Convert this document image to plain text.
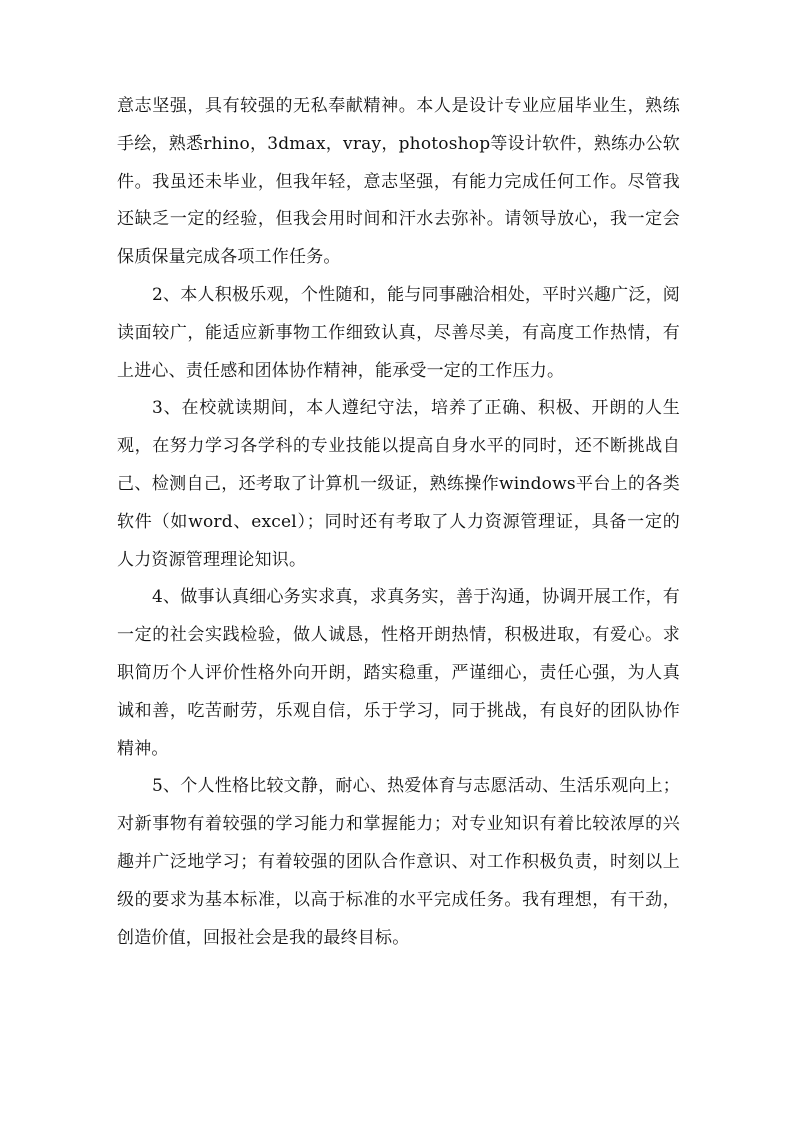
意志坚强，具有较强的无私奉献精神。本人是设计专业应届毕业生，熟练手绘，熟悉rhino，3dmax，vray，photoshop等设计软件，熟练办公软件。我虽还未毕业，但我年轻，意志坚强，有能力完成任何工作。尽管我还缺乏一定的经验，但我会用时间和汗水去弥补。请领导放心，我一定会保质保量完成各项工作任务。

2、本人积极乐观，个性随和，能与同事融洽相处，平时兴趣广泛，阅读面较广，能适应新事物工作细致认真，尽善尽美，有高度工作热情，有上进心、责任感和团体协作精神，能承受一定的工作压力。

3、在校就读期间，本人遵纪守法，培养了正确、积极、开朗的人生观，在努力学习各学科的专业技能以提高自身水平的同时，还不断挑战自己、检测自己，还考取了计算机一级证，熟练操作windows平台上的各类软件（如word、excel）；同时还有考取了人力资源管理证，具备一定的人力资源管理理论知识。

4、做事认真细心务实求真，求真务实，善于沟通，协调开展工作，有一定的社会实践检验，做人诚恳，性格开朗热情，积极进取，有爱心。求职简历个人评价性格外向开朗，踏实稳重，严谨细心，责任心强，为人真诚和善，吃苦耐劳，乐观自信，乐于学习，同于挑战，有良好的团队协作精神。

5、个人性格比较文静，耐心、热爱体育与志愿活动、生活乐观向上；对新事物有着较强的学习能力和掌握能力；对专业知识有着比较浓厚的兴趣并广泛地学习；有着较强的团队合作意识、对工作积极负责，时刻以上级的要求为基本标准，以高于标准的水平完成任务。我有理想，有干劲，创造价值，回报社会是我的最终目标。
